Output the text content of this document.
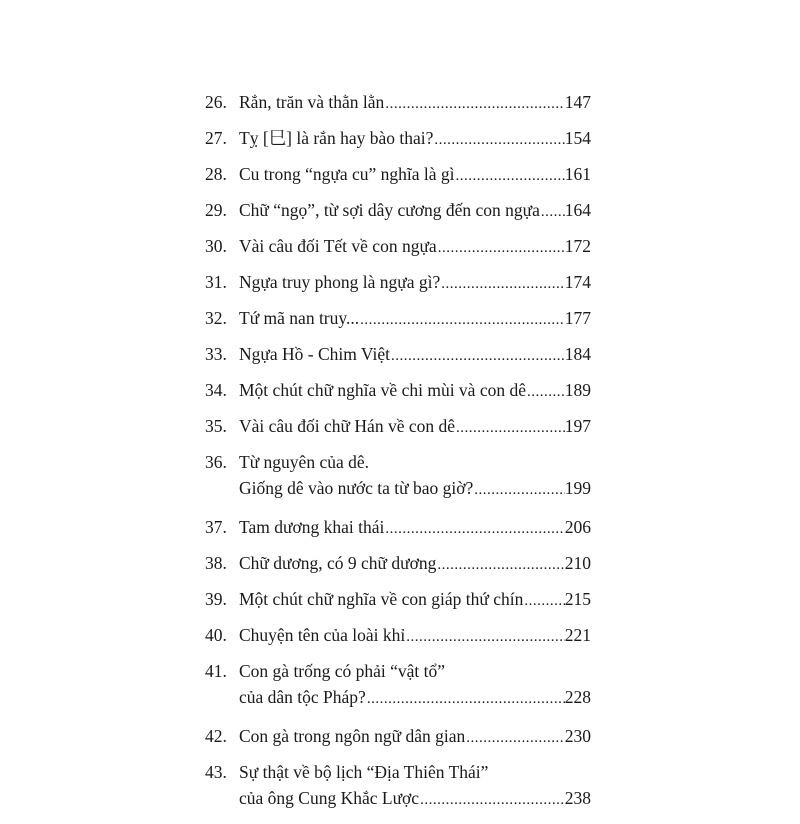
26. Rắn, trăn và thằn lằn .....	147
27. Tỵ [巳] là rắn hay bào thai? .....	154
28. Cu trong “ngựa cu” nghĩa là gì .....	161
29. Chữ “ngọ”, từ sợi dây cương đến con ngựa ..... 164
30. Vài câu đối Tết về con ngựa .....	172
31. Ngựa truy phong là ngựa gì? .....	174
32. Tứ mã nan truy... .....	177
33. Ngựa Hồ - Chim Việt .....	184
34. Một chút chữ nghĩa về chi mùi và con dê ..... 189
35. Vài câu đối chữ Hán về con dê .....	197
36. Từ nguyên của dê.
Giống dê vào nước ta từ bao giờ? .....	199
37. Tam dương khai thái .....	206
38. Chữ dương, có 9 chữ dương .....	210
39. Một chút chữ nghĩa về con giáp thứ chín ..... 215
40. Chuyện tên của loài khỉ .....	221
41. Con gà trống có phải “vật tổ”
của dân tộc Pháp? .....	228
42. Con gà trong ngôn ngữ dân gian .....	230
43. Sự thật về bộ lịch “Địa Thiên Thái”
của ông Cung Khắc Lược .....	238
